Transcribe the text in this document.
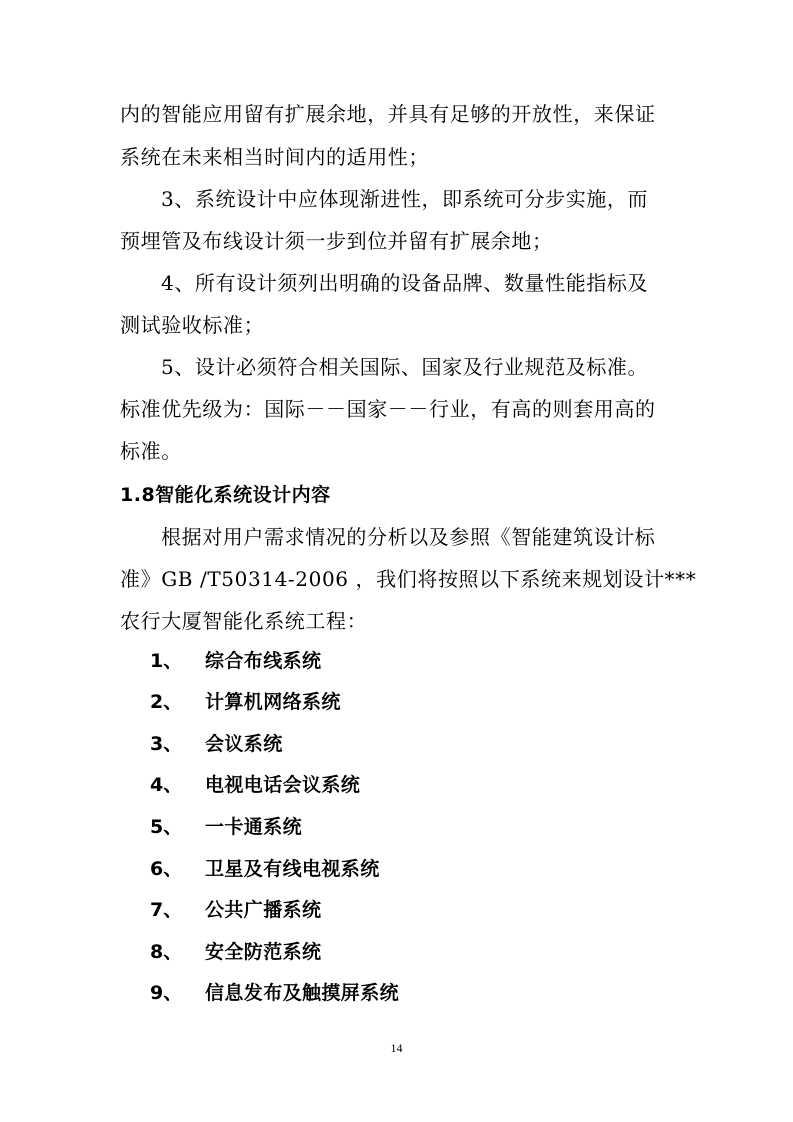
内的智能应用留有扩展余地，并具有足够的开放性，来保证
系统在未来相当时间内的适用性；
3、系统设计中应体现渐进性，即系统可分步实施，而
预埋管及布线设计须一步到位并留有扩展余地；
4、所有设计须列出明确的设备品牌、数量性能指标及
测试验收标准；
5、设计必须符合相关国际、国家及行业规范及标准。
标准优先级为：国际－－国家－－行业，有高的则套用高的
标准。
1.8智能化系统设计内容
根据对用户需求情况的分析以及参照《智能建筑设计标
准》GB /T50314-2006 ，我们将按照以下系统来规划设计***
农行大厦智能化系统工程：
1、 综合布线系统
2、 计算机网络系统
3、 会议系统
4、 电视电话会议系统
5、 一卡通系统
6、 卫星及有线电视系统
7、 公共广播系统
8、 安全防范系统
9、 信息发布及触摸屏系统
14
